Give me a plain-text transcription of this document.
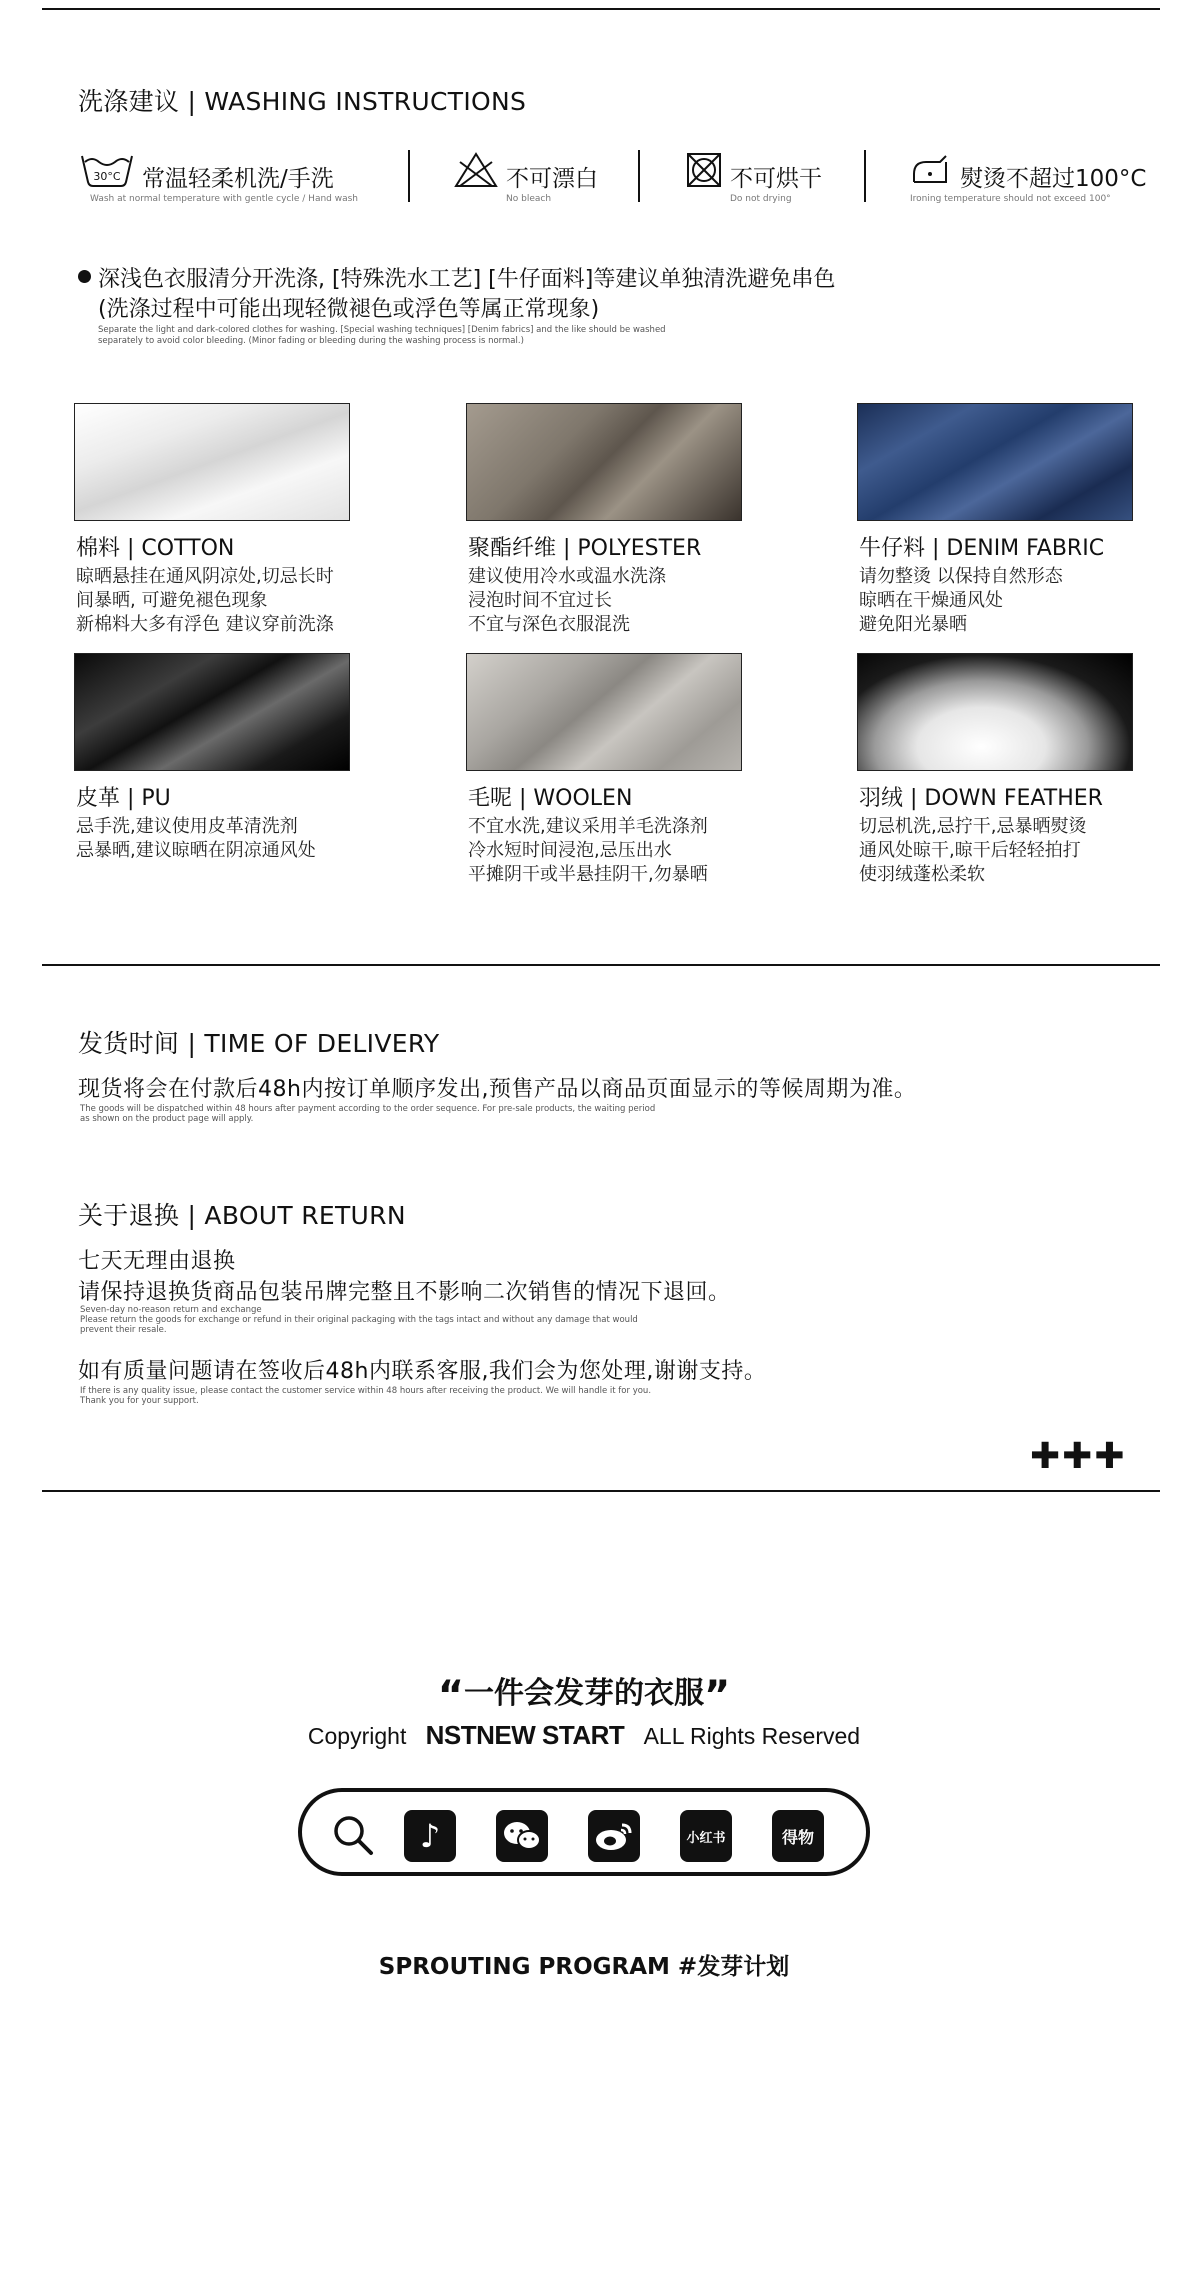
洗涤建议 | WASHING INSTRUCTIONS
30°C 常温轻柔机洗/手洗
Wash at normal temperature with gentle cycle / Hand wash
不可漂白
No bleach
不可烘干
Do not drying
熨烫不超过100°C
Ironing temperature should not exceed 100°
深浅色衣服清分开洗涤, [特殊洗水工艺] [牛仔面料]等建议单独清洗避免串色
(洗涤过程中可能出现轻微褪色或浮色等属正常现象)
Separate the light and dark-colored clothes for washing. [Special washing techniques] [Denim fabrics] and the like should be washed
separately to avoid color bleeding. (Minor fading or bleeding during the washing process is normal.)
棉料 | COTTON
晾晒悬挂在通风阴凉处,切忌长时
间暴晒, 可避免褪色现象
新棉料大多有浮色 建议穿前洗涤
聚酯纤维 | POLYESTER
建议使用冷水或温水洗涤
浸泡时间不宜过长
不宜与深色衣服混洗
牛仔料 | DENIM FABRIC
请勿整烫 以保持自然形态
晾晒在干燥通风处
避免阳光暴晒
皮革 | PU
忌手洗,建议使用皮革清洗剂
忌暴晒,建议晾晒在阴凉通风处
毛呢 | WOOLEN
不宜水洗,建议采用羊毛洗涤剂
冷水短时间浸泡,忌压出水
平摊阴干或半悬挂阴干,勿暴晒
羽绒 | DOWN FEATHER
切忌机洗,忌拧干,忌暴晒熨烫
通风处晾干,晾干后轻轻拍打
使羽绒蓬松柔软
发货时间 | TIME OF DELIVERY
现货将会在付款后48h内按订单顺序发出,预售产品以商品页面显示的等候周期为准。
The goods will be dispatched within 48 hours after payment according to the order sequence. For pre-sale products, the waiting period
as shown on the product page will apply.
关于退换 | ABOUT RETURN
七天无理由退换
请保持退换货商品包装吊牌完整且不影响二次销售的情况下退回。
Seven-day no-reason return and exchange
Please return the goods for exchange or refund in their original packaging with the tags intact and without any damage that would
prevent their resale.
如有质量问题请在签收后48h内联系客服,我们会为您处理,谢谢支持。
If there is any quality issue, please contact the customer service within 48 hours after receiving the product. We will handle it for you.
Thank you for your support.
✚✚✚
“一件会发芽的衣服”
Copyright NSTNEW START ALL Rights Reserved
♪	小红书	得物
SPROUTING PROGRAM #发芽计划
